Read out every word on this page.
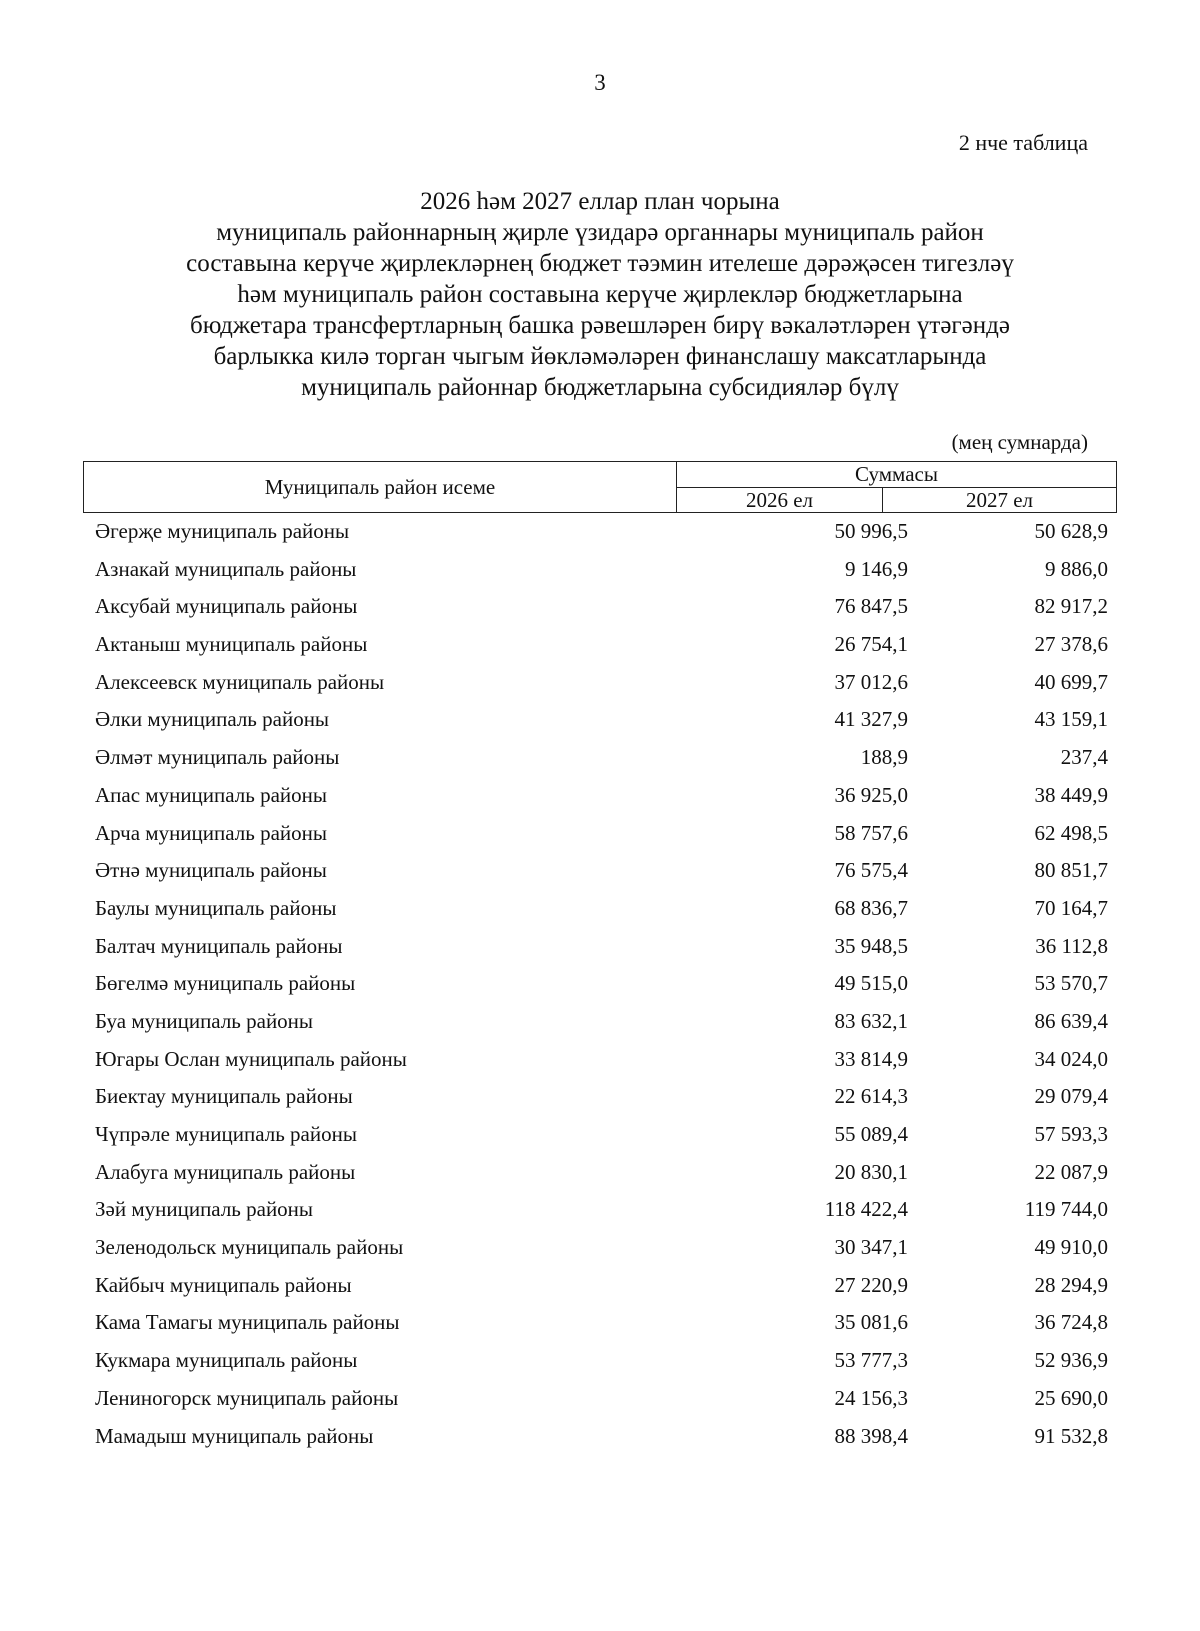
3
2 нче таблица
2026 һәм 2027 еллар план чорына
муниципаль районнарның җирле үзидарә органнары муниципаль район
составына керүче җирлекләрнең бюджет тәэмин ителеше дәрәҗәсен тигезләү
һәм муниципаль район составына керүче җирлекләр бюджетларына
бюджетара трансфертларның башка рәвешләрен бирү вәкаләтләрен үтәгәндә
барлыкка килә торган чыгым йөкләмәләрен финанслашу максатларында
муниципаль районнар бюджетларына субсидияләр бүлү
(мең сумнарда)
Муниципаль район исеме	Суммасы	
	2026 ел	2027 ел
Әгерҗе муниципаль районы	50 996,5	50 628,9
Азнакай муниципаль районы	9 146,9	9 886,0
Аксубай муниципаль районы	76 847,5	82 917,2
Актаныш муниципаль районы	26 754,1	27 378,6
Алексеевск муниципаль районы	37 012,6	40 699,7
Әлки муниципаль районы	41 327,9	43 159,1
Әлмәт муниципаль районы	188,9	237,4
Апас муниципаль районы	36 925,0	38 449,9
Арча муниципаль районы	58 757,6	62 498,5
Әтнә муниципаль районы	76 575,4	80 851,7
Баулы муниципаль районы	68 836,7	70 164,7
Балтач муниципаль районы	35 948,5	36 112,8
Бөгелмә муниципаль районы	49 515,0	53 570,7
Буа муниципаль районы	83 632,1	86 639,4
Югары Ослан муниципаль районы	33 814,9	34 024,0
Биектау муниципаль районы	22 614,3	29 079,4
Чүпрәле муниципаль районы	55 089,4	57 593,3
Алабуга муниципаль районы	20 830,1	22 087,9
Зәй муниципаль районы	118 422,4	119 744,0
Зеленодольск муниципаль районы	30 347,1	49 910,0
Кайбыч муниципаль районы	27 220,9	28 294,9
Кама Тамагы муниципаль районы	35 081,6	36 724,8
Кукмара муниципаль районы	53 777,3	52 936,9
Лениногорск муниципаль районы	24 156,3	25 690,0
Мамадыш муниципаль районы	88 398,4	91 532,8
